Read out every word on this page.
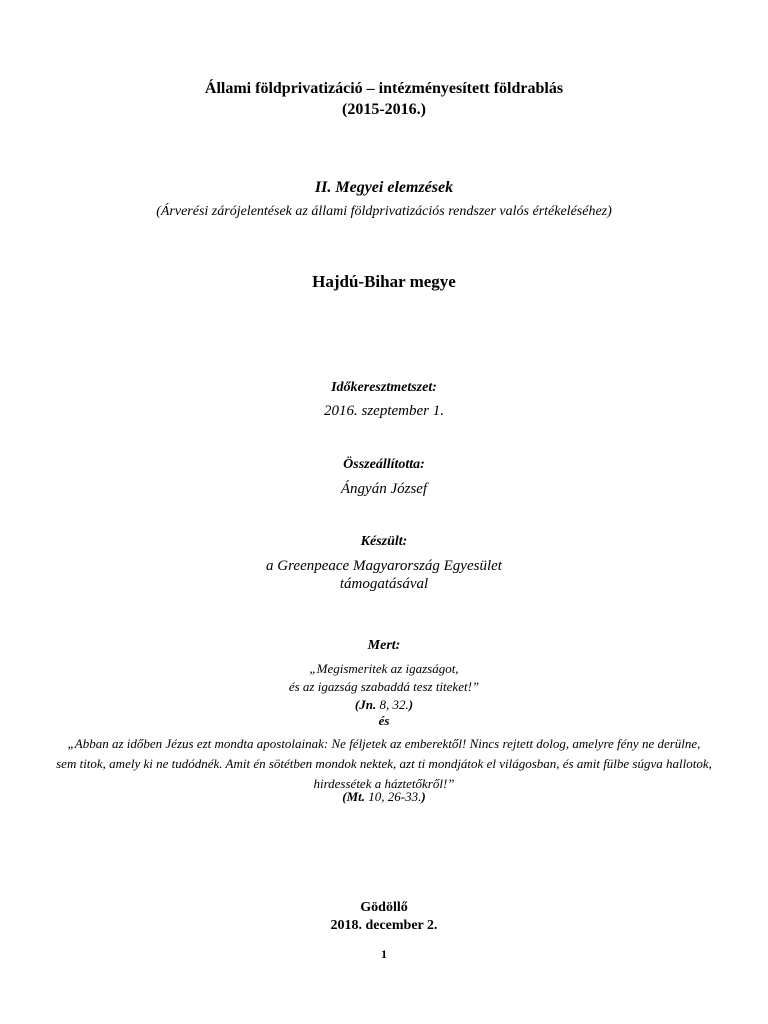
Állami földprivatizáció – intézményesített földrablás
(2015-2016.)
II. Megyei elemzések
(Árverési zárójelentések az állami földprivatizációs rendszer valós értékeléséhez)
Hajdú-Bihar megye
Időkeresztmetszet:
2016. szeptember 1.
Összeállította:
Ángyán József
Készült:
a Greenpeace Magyarország Egyesület
támogatásával
Mert:
„Megismeritek az igazságot,
és az igazság szabaddá tesz titeket!”
(Jn. 8, 32.)
és
„Abban az időben Jézus ezt mondta apostolainak: Ne féljetek az emberektől! Nincs rejtett dolog, amelyre fény ne derülne, sem titok, amely ki ne tudódnék. Amit én sötétben mondok nektek, azt ti mondjátok el világosban, és amit fülbe súgva hallotok, hirdessétek a háztetőkről!”
(Mt. 10, 26-33.)
Gödöllő
2018. december 2.
1
